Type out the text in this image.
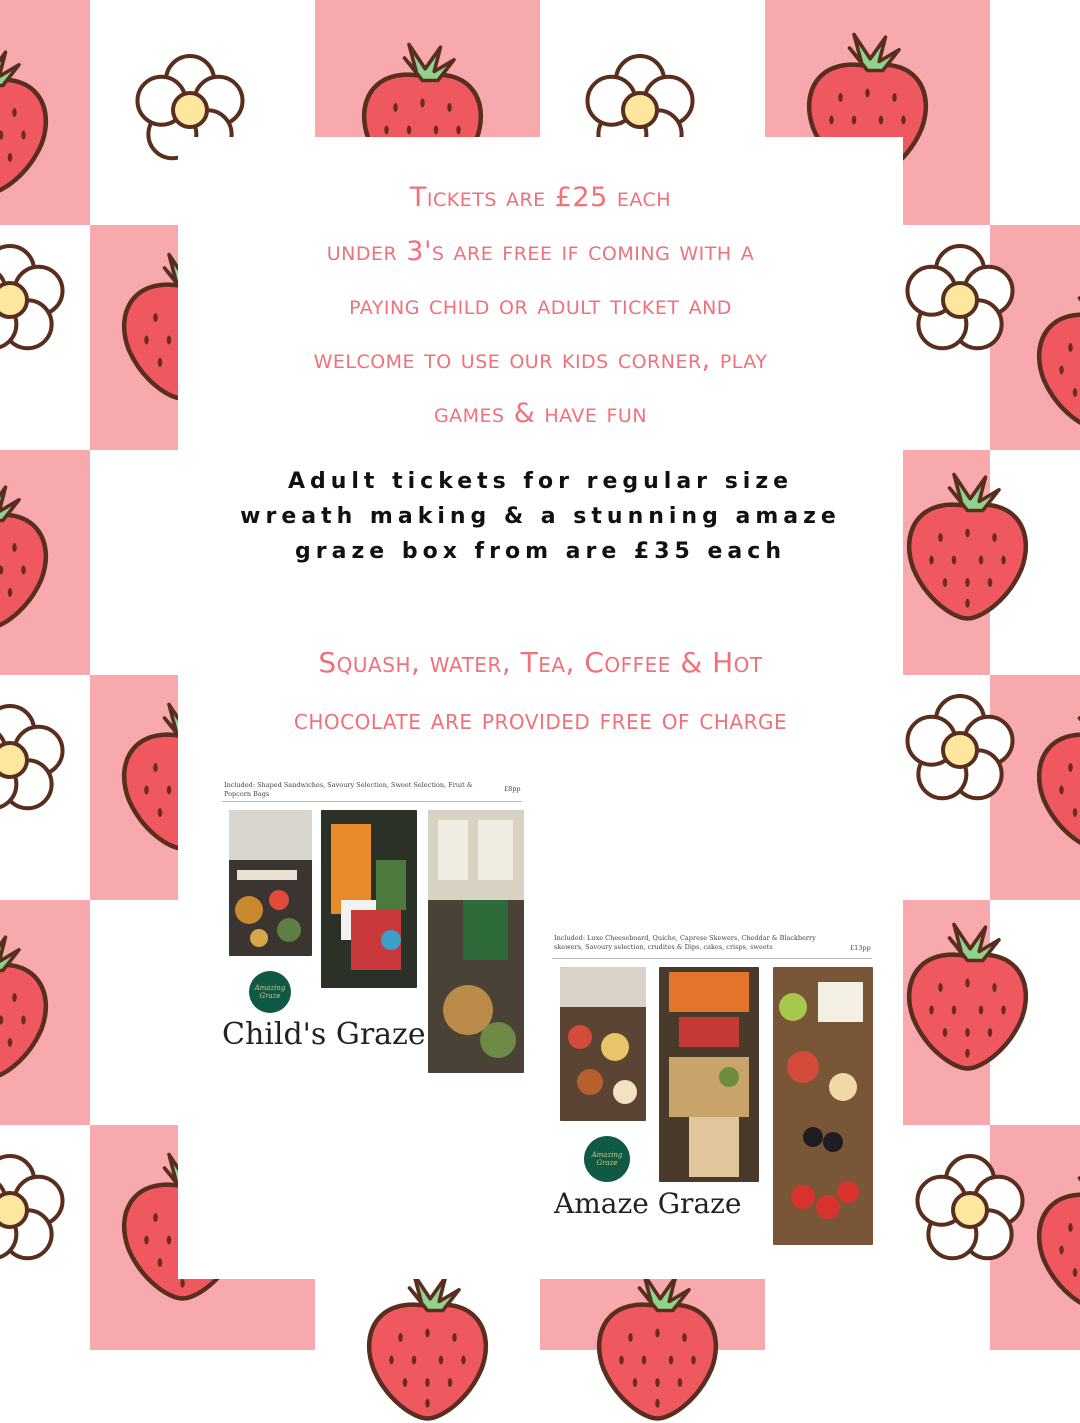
Tickets are £25 each

under 3's are free if coming with a

paying child or adult ticket and

welcome to use our kids corner, play

games & have fun

Adult tickets for regular size

wreath making & a stunning amaze

graze box from are £35 each

Squash, water, Tea, Coffee & Hot

chocolate are provided free of charge

Included: Shaped Sandwiches, Savoury Selection, Sweet Selection, Fruit & Popcorn Bags
£8pp
Amazing Graze
Child's Graze
Included: Luxe Cheeseboard, Quiche, Caprese Skewers, Cheddar & Blackberry skewers, Savoury selection, crudites & Dips, cakes, crisps, sweets	£13pp
Amazing Graze
Amaze Graze
